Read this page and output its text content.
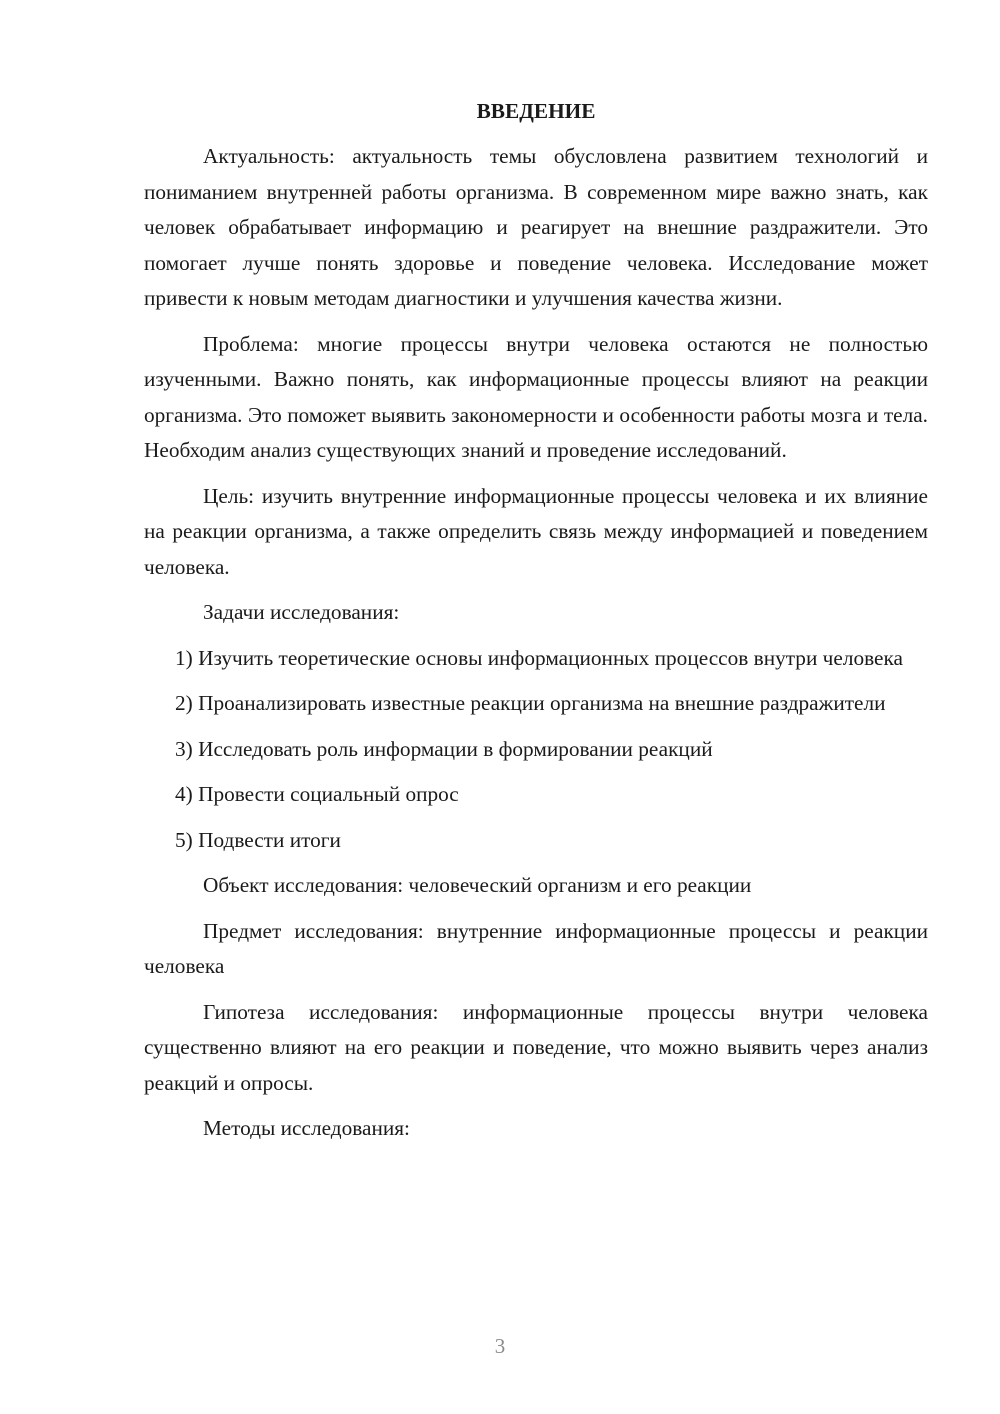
ВВЕДЕНИЕ

Актуальность: актуальность темы обусловлена развитием технологий и пониманием внутренней работы организма. В современном мире важно знать, как человек обрабатывает информацию и реагирует на внешние раздражители. Это помогает лучше понять здоровье и поведение человека. Исследование может привести к новым методам диагностики и улучшения качества жизни.

Проблема: многие процессы внутри человека остаются не полностью изученными. Важно понять, как информационные процессы влияют на реакции организма. Это поможет выявить закономерности и особенности работы мозга и тела. Необходим анализ существующих знаний и проведение исследований.

Цель: изучить внутренние информационные процессы человека и их влияние на реакции организма, а также определить связь между информацией и поведением человека.

Задачи исследования:

1) Изучить теоретические основы информационных процессов внутри человека

2) Проанализировать известные реакции организма на внешние раздражители

3) Исследовать роль информации в формировании реакций

4) Провести социальный опрос

5) Подвести итоги

Объект исследования: человеческий организм и его реакции

Предмет исследования: внутренние информационные процессы и реакции человека

Гипотеза исследования: информационные процессы внутри человека существенно влияют на его реакции и поведение, что можно выявить через анализ реакций и опросы.

Методы исследования:

3
